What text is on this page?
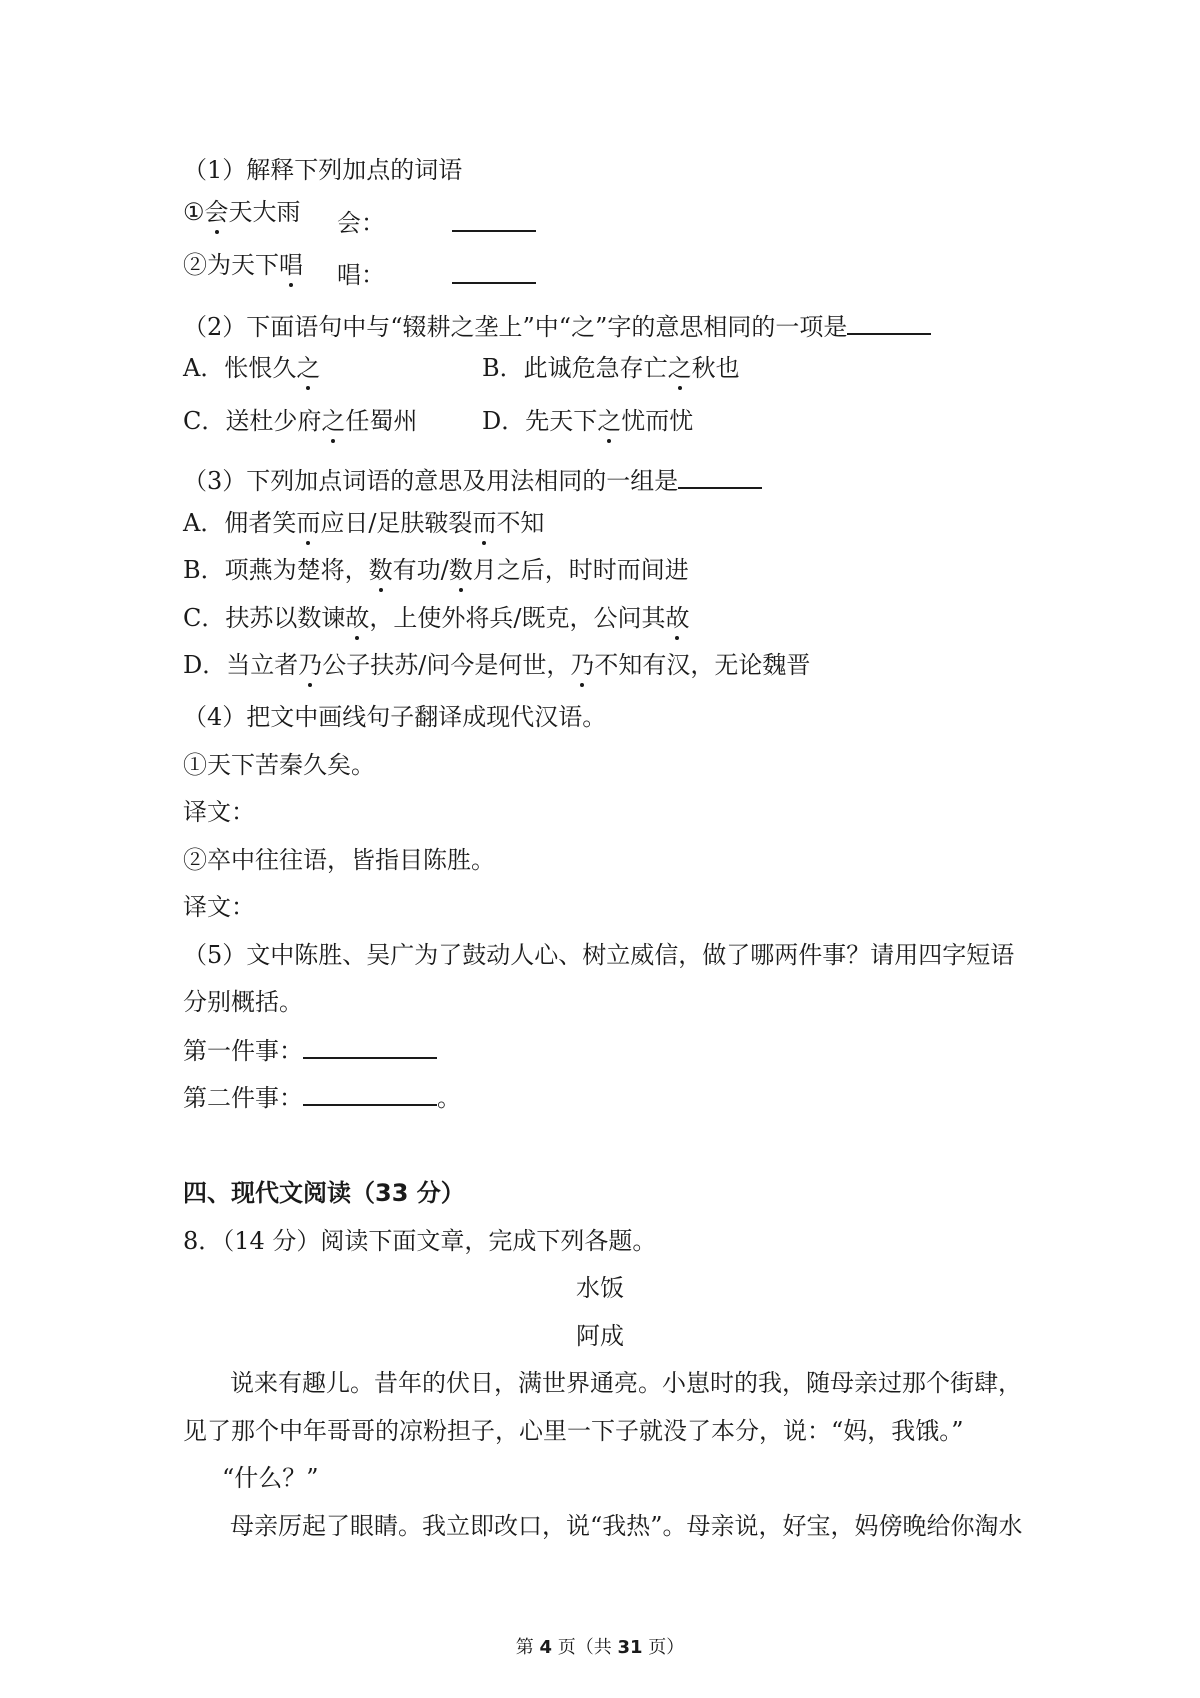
（1）解释下列加点的词语
①会天大雨 会：
②为天下唱 唱：
（2）下面语句中与“辍耕之垄上”中“之”字的意思相同的一项是
A．怅恨久之	B．此诚危急存亡之秋也
C．送杜少府之任蜀州	D．先天下之忧而忧
（3）下列加点词语的意思及用法相同的一组是
A．佣者笑而应日/足肤皲裂而不知
B．项燕为楚将，数有功/数月之后，时时而间进
C．扶苏以数谏故，上使外将兵/既克，公问其故
D．当立者乃公子扶苏/问今是何世，乃不知有汉，无论魏晋
（4）把文中画线句子翻译成现代汉语。
①天下苦秦久矣。
译文：
②卒中往往语，皆指目陈胜。
译文：
（5）文中陈胜、吴广为了鼓动人心、树立威信，做了哪两件事？请用四字短语
分别概括。
第一件事：
第二件事：	。
四、现代文阅读（33 分）
8．（14 分）阅读下面文章，完成下列各题。
水饭
阿成
说来有趣儿。昔年的伏日，满世界通亮。小崽时的我，随母亲过那个街肆，
见了那个中年哥哥的凉粉担子，心里一下子就没了本分，说：“妈，我饿。”
“什么？”
母亲厉起了眼睛。我立即改口，说“我热”。母亲说，好宝，妈傍晚给你淘水
第 4 页（共 31 页）
